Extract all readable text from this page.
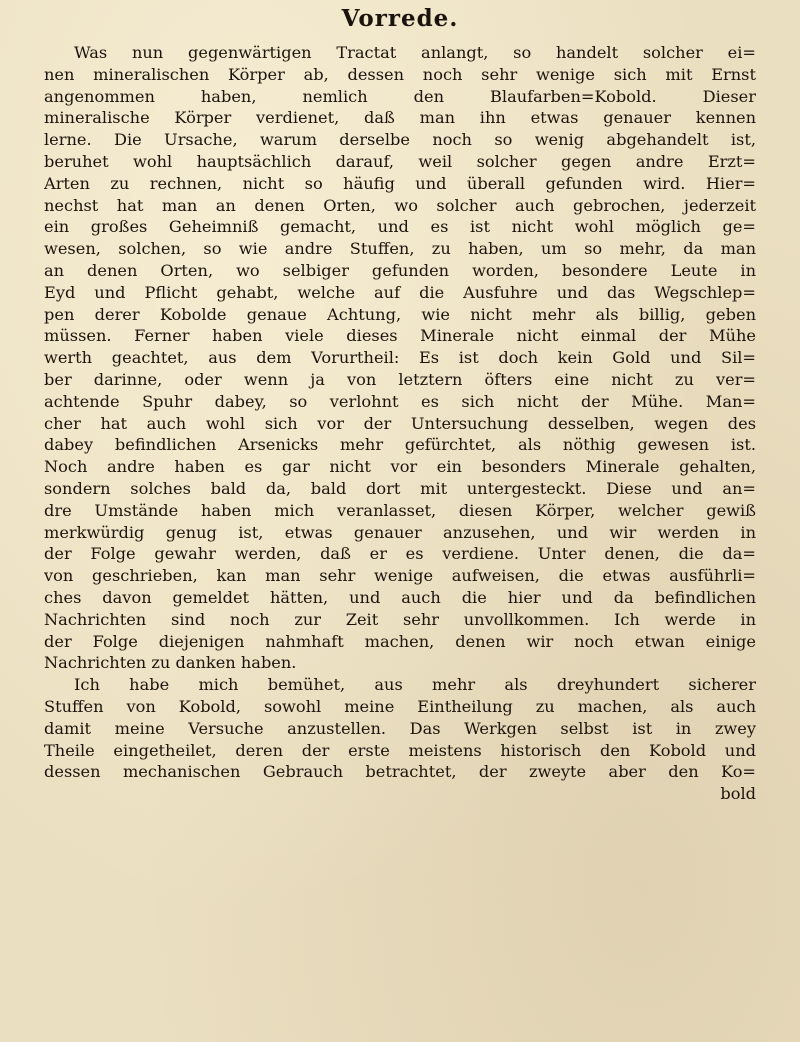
Vorrede.
Was nun gegenwärtigen Tractat anlangt, so handelt solcher ei=
nen mineralischen Körper ab, dessen noch sehr wenige sich mit Ernst
angenommen haben, nemlich den Blaufarben=Kobold. Dieser
mineralische Körper verdienet, daß man ihn etwas genauer kennen
lerne. Die Ursache, warum derselbe noch so wenig abgehandelt ist,
beruhet wohl hauptsächlich darauf, weil solcher gegen andre Erzt=
Arten zu rechnen, nicht so häufig und überall gefunden wird. Hier=
nechst hat man an denen Orten, wo solcher auch gebrochen, jederzeit
ein großes Geheimniß gemacht, und es ist nicht wohl möglich ge=
wesen, solchen, so wie andre Stuffen, zu haben, um so mehr, da man
an denen Orten, wo selbiger gefunden worden, besondere Leute in
Eyd und Pflicht gehabt, welche auf die Ausfuhre und das Wegschlep=
pen derer Kobolde genaue Achtung, wie nicht mehr als billig, geben
müssen. Ferner haben viele dieses Minerale nicht einmal der Mühe
werth geachtet, aus dem Vorurtheil: Es ist doch kein Gold und Sil=
ber darinne, oder wenn ja von letztern öfters eine nicht zu ver=
achtende Spuhr dabey, so verlohnt es sich nicht der Mühe. Man=
cher hat auch wohl sich vor der Untersuchung desselben, wegen des
dabey befindlichen Arsenicks mehr gefürchtet, als nöthig gewesen ist.
Noch andre haben es gar nicht vor ein besonders Minerale gehalten,
sondern solches bald da, bald dort mit untergesteckt. Diese und an=
dre Umstände haben mich veranlasset, diesen Körper, welcher gewiß
merkwürdig genug ist, etwas genauer anzusehen, und wir werden in
der Folge gewahr werden, daß er es verdiene. Unter denen, die da=
von geschrieben, kan man sehr wenige aufweisen, die etwas ausführli=
ches davon gemeldet hätten, und auch die hier und da befindlichen
Nachrichten sind noch zur Zeit sehr unvollkommen. Ich werde in
der Folge diejenigen nahmhaft machen, denen wir noch etwan einige
Nachrichten zu danken haben.
Ich habe mich bemühet, aus mehr als dreyhundert sicherer
Stuffen von Kobold, sowohl meine Eintheilung zu machen, als auch
damit meine Versuche anzustellen. Das Werkgen selbst ist in zwey
Theile eingetheilet, deren der erste meistens historisch den Kobold und
dessen mechanischen Gebrauch betrachtet, der zweyte aber den Ko=
bold
